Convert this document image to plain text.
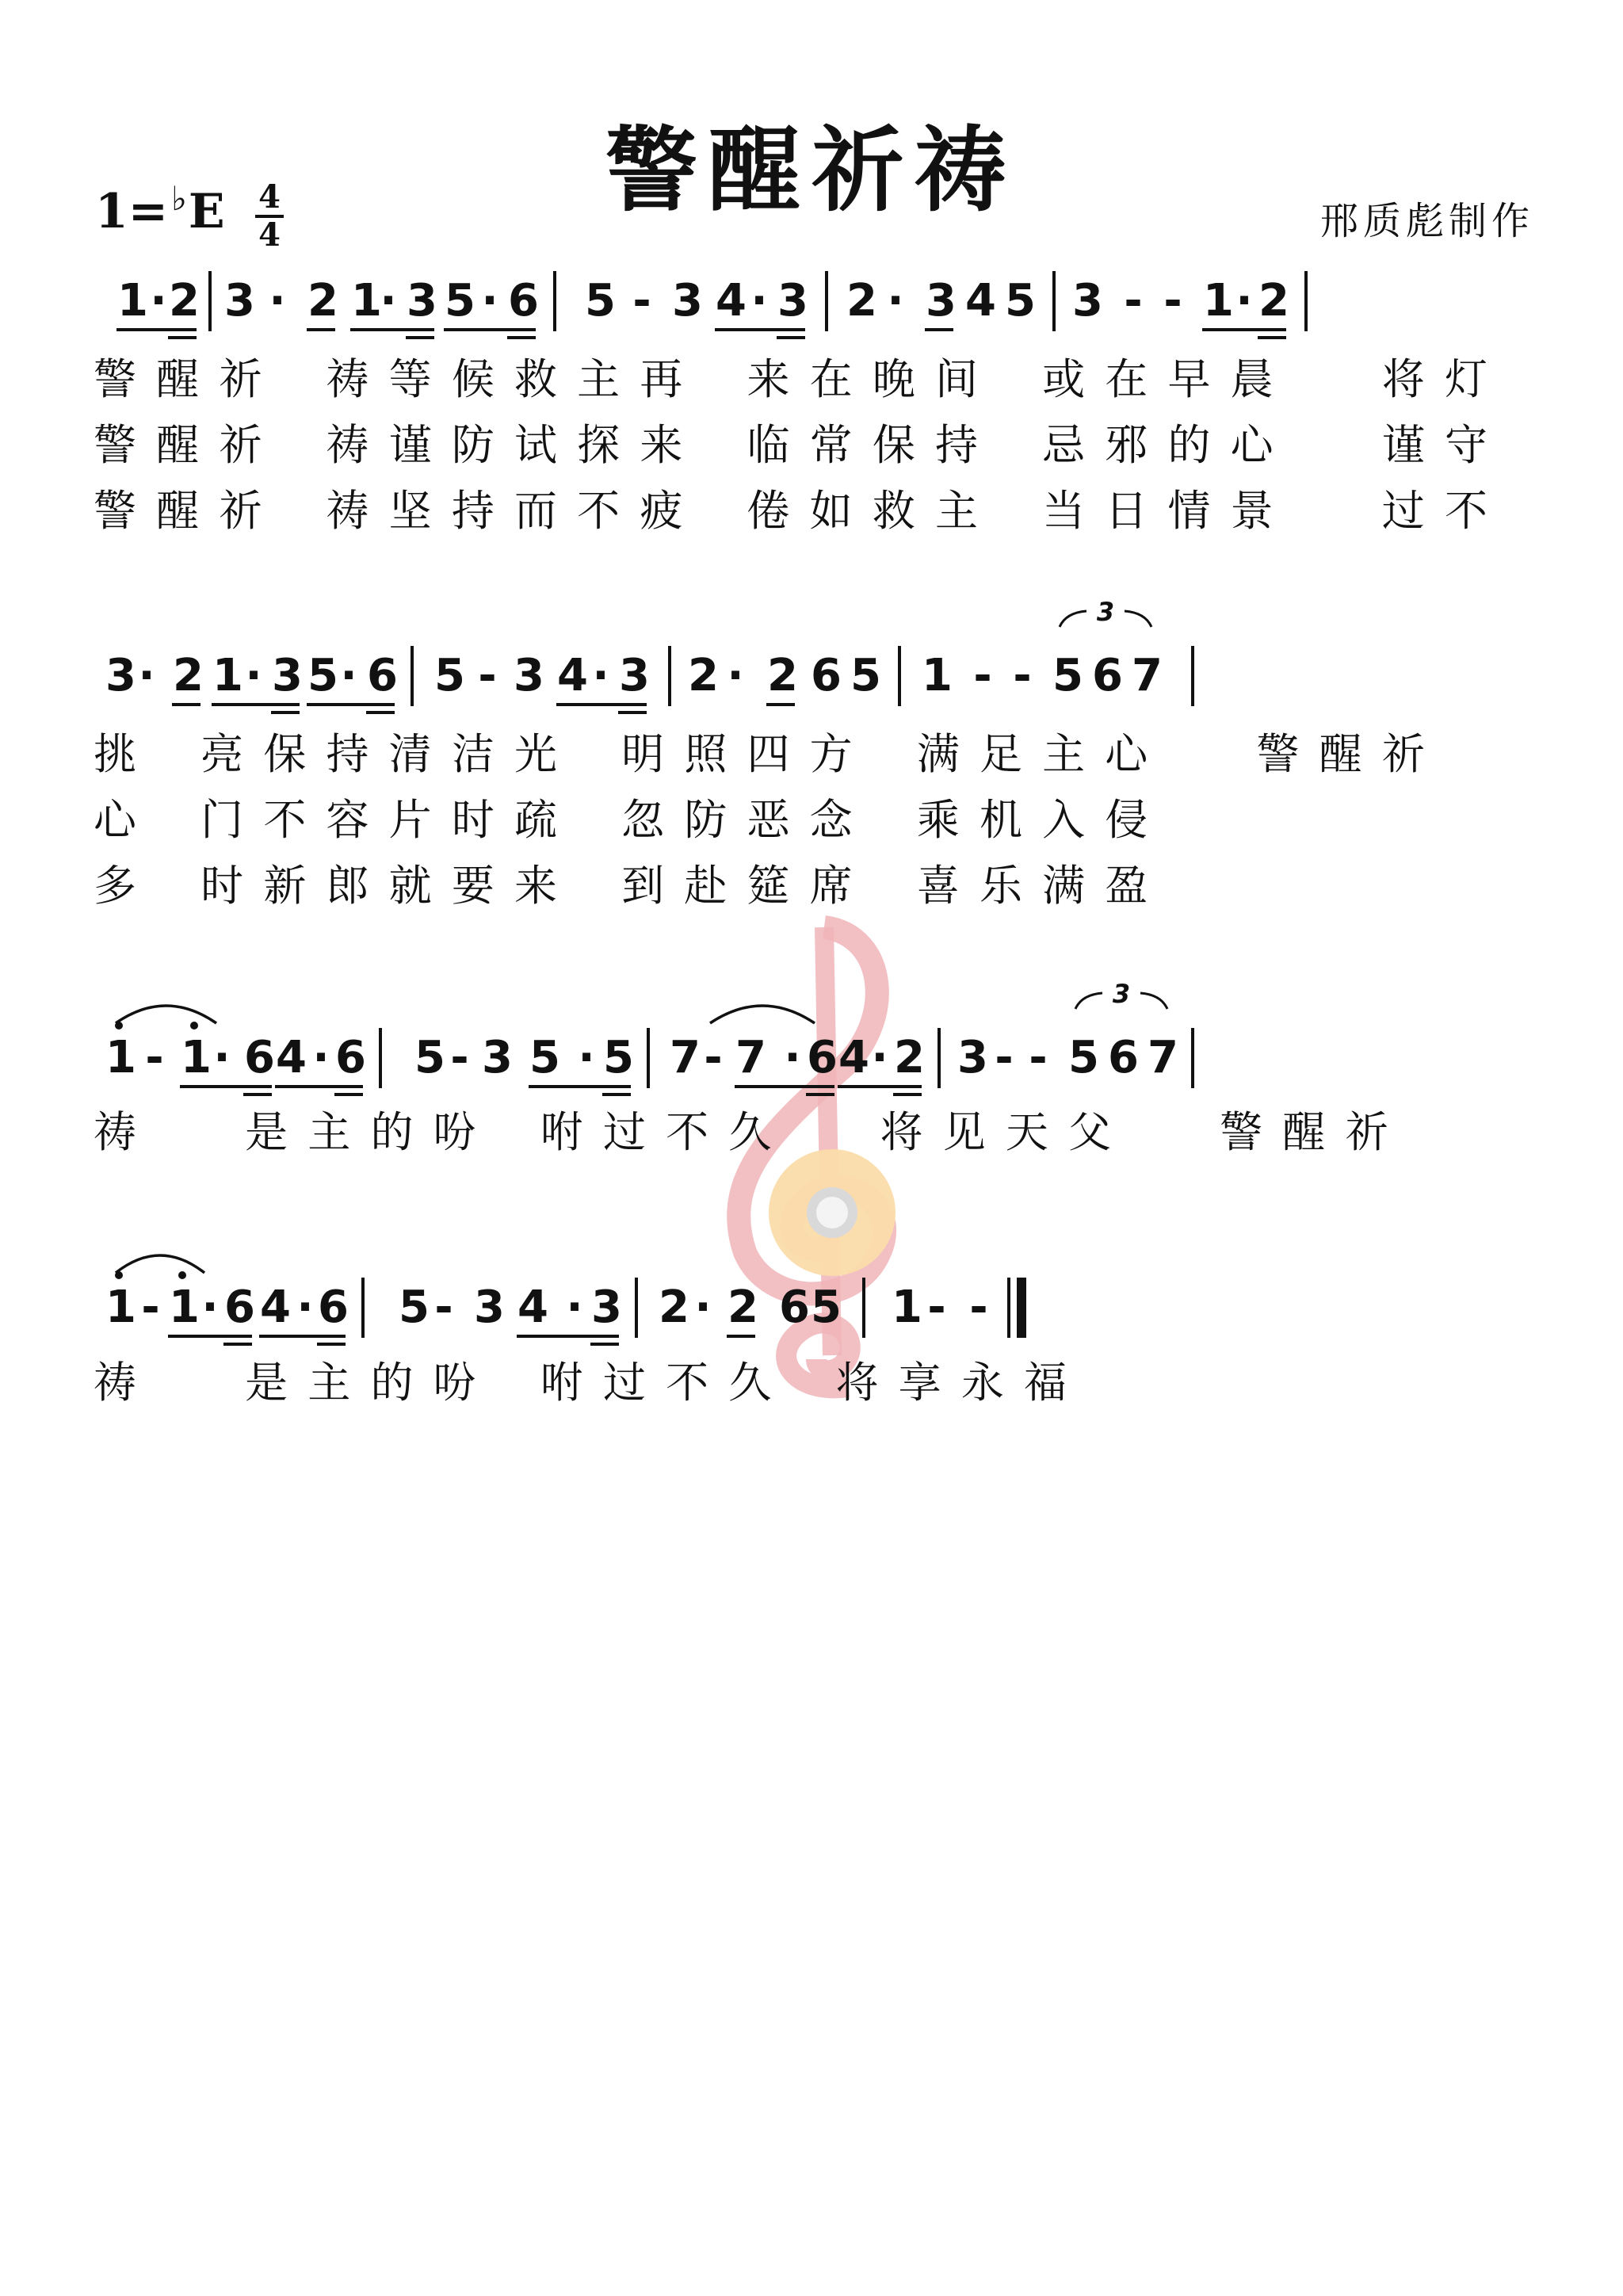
警醒祈祷
1=♭E 4
4	邢质彪制作
1 · 2 3 · 2 1
· 3 5 · 6 5 - 3 4 · 3 2 · 3 4 5 3 - - 1 · 2
警 醒 祈　 祷 等 候 救 主 再　 来 在 晚 间　 或 在 早 晨　　 将 灯
警 醒 祈　 祷 谨 防 试 探 来　 临 常 保 持　 忌 邪 的 心　　 谨 守
警 醒 祈　 祷 坚 持 而 不 疲　 倦 如 救 主　 当 日 情 景　　 过 不
3 · 2 1 · 3 5 · 6 5 - 3 4 · 3 2 · 2 6 5 1 - - 5 6 7
3
挑　 亮 保 持 清 洁 光　 明 照 四 方　 满 足 主 心　　 警 醒 祈
心　 门 不 容 片 时 疏　 忽 防 恶 念　 乘 机 入 侵
多　 时 新 郎 就 要 来　 到 赴 筵 席　 喜 乐 满 盈
1 - 1 · 6 4 · 6 5 - 3 5 · 5 7 - 7 · 6 4 · 2 3 - - 5 6 7
3
祷　　 是 主 的 吩　 咐 过 不 久　　 将 见 天 父　　 警 醒 祈
1 - 1 · 6 4 · 6 5 - 3 4 · 3 2 · 2 6 5 1 - -
祷　　 是 主 的 吩　 咐 过 不 久　 将 享 永 福
